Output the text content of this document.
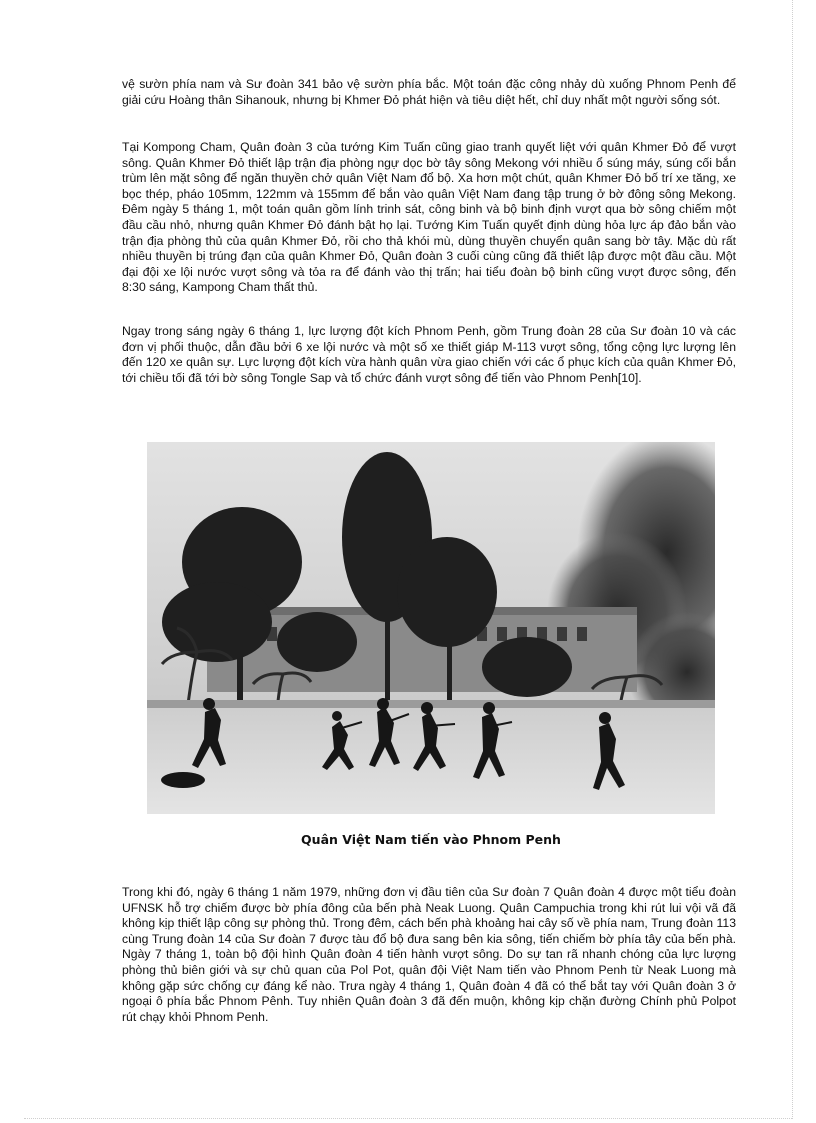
vệ sườn phía nam và Sư đoàn 341 bảo vệ sườn phía bắc. Một toán đặc công nhảy dù xuống Phnom Penh để giải cứu Hoàng thân Sihanouk, nhưng bị Khmer Đỏ phát hiện và tiêu diệt hết, chỉ duy nhất một người sống sót.

Tại Kompong Cham, Quân đoàn 3 của tướng Kim Tuấn cũng giao tranh quyết liệt với quân Khmer Đỏ để vượt sông. Quân Khmer Đỏ thiết lập trận địa phòng ngự dọc bờ tây sông Mekong với nhiều ổ súng máy, súng cối bắn trùm lên mặt sông để ngăn thuyền chở quân Việt Nam đổ bộ. Xa hơn một chút, quân Khmer Đỏ bố trí xe tăng, xe bọc thép, pháo 105mm, 122mm và 155mm để bắn vào quân Việt Nam đang tập trung ở bờ đông sông Mekong. Đêm ngày 5 tháng 1, một toán quân gồm lính trinh sát, công binh và bộ binh định vượt qua bờ sông chiếm một đầu cầu nhỏ, nhưng quân Khmer Đỏ đánh bật họ lại. Tướng Kim Tuấn quyết định dùng hỏa lực áp đảo bắn vào trận địa phòng thủ của quân Khmer Đỏ, rồi cho thả khói mù, dùng thuyền chuyển quân sang bờ tây. Mặc dù rất nhiều thuyền bị trúng đạn của quân Khmer Đỏ, Quân đoàn 3 cuối cùng cũng đã thiết lập được một đầu cầu. Một đại đội xe lội nước vượt sông và tỏa ra để đánh vào thị trấn; hai tiểu đoàn bộ binh cũng vượt được sông, đến 8:30 sáng, Kampong Cham thất thủ.

Ngay trong sáng ngày 6 tháng 1, lực lượng đột kích Phnom Penh, gồm Trung đoàn 28 của Sư đoàn 10 và các đơn vị phối thuộc, dẫn đầu bởi 6 xe lội nước và một số xe thiết giáp M-113 vượt sông, tổng cộng lực lượng lên đến 120 xe quân sự. Lực lượng đột kích vừa hành quân vừa giao chiến với các ổ phục kích của quân Khmer Đỏ, tới chiều tối đã tới bờ sông Tongle Sap và tổ chức đánh vượt sông để tiến vào Phnom Penh[10].

Quân Việt Nam tiến vào Phnom Penh

Trong khi đó, ngày 6 tháng 1 năm 1979, những đơn vị đầu tiên của Sư đoàn 7 Quân đoàn 4 được một tiểu đoàn UFNSK hỗ trợ chiếm được bờ phía đông của bến phà Neak Luong. Quân Campuchia trong khi rút lui vội vã đã không kịp thiết lập công sự phòng thủ. Trong đêm, cách bến phà khoảng hai cây số về phía nam, Trung đoàn 113 cùng Trung đoàn 14 của Sư đoàn 7 được tàu đổ bộ đưa sang bên kia sông, tiến chiếm bờ phía tây của bến phà. Ngày 7 tháng 1, toàn bộ đội hình Quân đoàn 4 tiến hành vượt sông. Do sự tan rã nhanh chóng của lực lượng phòng thủ biên giới và sự chủ quan của Pol Pot, quân đội Việt Nam tiến vào Phnom Penh từ Neak Luong mà không gặp sức chống cự đáng kể nào. Trưa ngày 4 tháng 1, Quân đoàn 4 đã có thể bắt tay với Quân đoàn 3 ở ngoại ô phía bắc Phnom Pênh. Tuy nhiên Quân đoàn 3 đã đến muộn, không kịp chặn đường Chính phủ Polpot rút chạy khỏi Phnom Penh.
